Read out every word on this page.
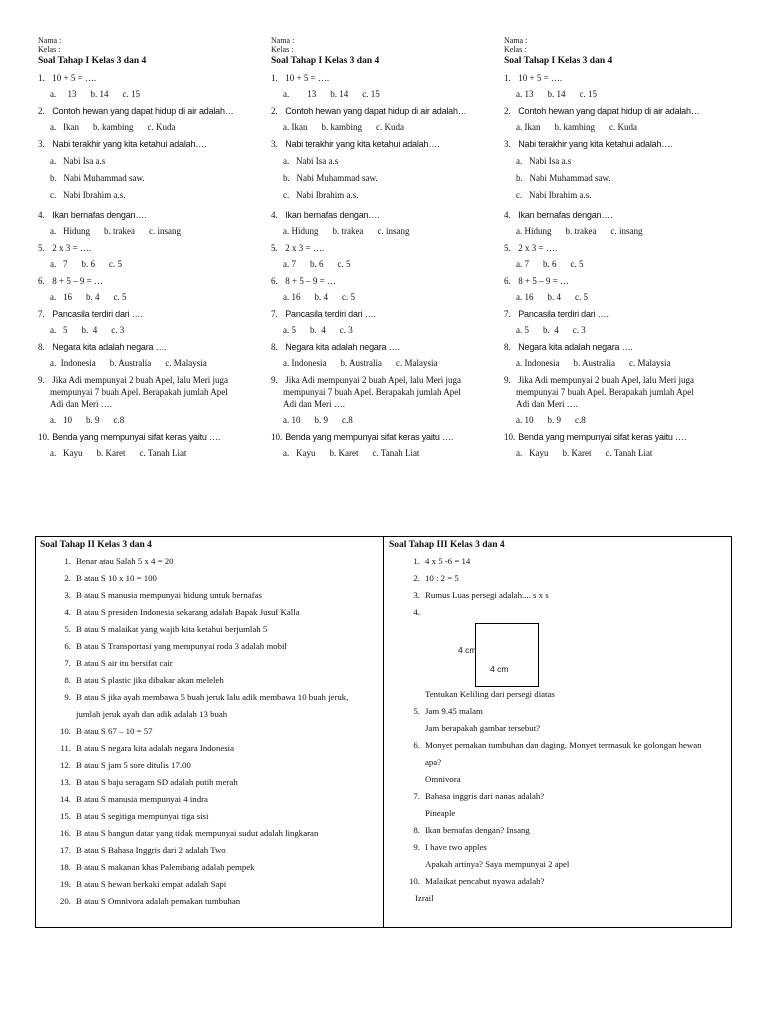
Nama :
Kelas :
Soal Tahap I Kelas 3 dan 4
1. 10 + 5 = ….
a.     13 b. 14 c. 15
2. Contoh hewan yang dapat hidup di air adalah…
a.   Ikan b. kambing c. Kuda
3. Nabi terakhir yang kita ketahui adalah….
a.   Nabi Isa a.s
b.   Nabi Muhammad saw.
c.   Nabi Ibrahim a.s.
4. Ikan bernafas dengan….
a.   Hidung b. trakea c. insang
5. 2 x 3 = ….
a.   7 b. 6 c. 5
6. 8 + 5 – 9 = …
a.   16 b. 4 c. 5
7. Pancasila terdiri dari ….
a.   5 b.  4 c. 3
8. Negara kita adalah negara ….
a.  Indonesia b. Australia c. Malaysia
9. Jika Adi mempunyai 2 buah Apel, lalu Meri juga
mempunyai 7 buah Apel. Berapakah jumlah Apel
Adi dan Meri ….
a.   10 b. 9 c.8
10. Benda yang mempunyai sifat keras yaitu ….
a.   Kayu b. Karet c. Tanah Liat
Nama :
Kelas :
Soal Tahap I Kelas 3 dan 4
1. 10 + 5 = ….
a.        13 b. 14 c. 15
2. Contoh hewan yang dapat hidup di air adalah…
a. Ikan b. kambing c. Kuda
3. Nabi terakhir yang kita ketahui adalah….
a.   Nabi Isa a.s
b.   Nabi Muhammad saw.
c.   Nabi Ibrahim a.s.
4. Ikan bernafas dengan….
a. Hidung b. trakea c. insang
5. 2 x 3 = ….
a. 7 b. 6 c. 5
6. 8 + 5 – 9 = …
a. 16 b. 4 c. 5
7. Pancasila terdiri dari ….
a. 5 b.  4 c. 3
8. Negara kita adalah negara ….
a. Indonesia b. Australia c. Malaysia
9. Jika Adi mempunyai 2 buah Apel, lalu Meri juga
mempunyai 7 buah Apel. Berapakah jumlah Apel
Adi dan Meri ….
a. 10 b. 9 c.8
10. Benda yang mempunyai sifat keras yaitu ….
a.   Kayu b. Karet c. Tanah Liat
Nama :
Kelas :
Soal Tahap I Kelas 3 dan 4
1. 10 + 5 = ….
a. 13 b. 14 c. 15
2. Contoh hewan yang dapat hidup di air adalah…
a. Ikan b. kambing c. Kuda
3. Nabi terakhir yang kita ketahui adalah….
a.   Nabi Isa a.s
b.   Nabi Muhammad saw.
c.   Nabi Ibrahim a.s.
4. Ikan bernafas dengan….
a. Hidung b. trakea c. insang
5. 2 x 3 = ….
a. 7 b. 6 c. 5
6. 8 + 5 – 9 = …
a. 16 b. 4 c. 5
7. Pancasila terdiri dari ….
a. 5 b.  4 c. 3
8. Negara kita adalah negara ….
a. Indonesia b. Australia c. Malaysia
9. Jika Adi mempunyai 2 buah Apel, lalu Meri juga
mempunyai 7 buah Apel. Berapakah jumlah Apel
Adi dan Meri ….
a. 10 b. 9 c.8
10. Benda yang mempunyai sifat keras yaitu ….
a.   Kayu b. Karet c. Tanah Liat
Soal Tahap II Kelas 3 dan 4
1. Benar atau Salah 5 x 4 = 20
2. B atau S 10 x 10 = 100
3. B atau S manusia mempunyai hidung untuk bernafas
4. B atau S presiden Indonesia sekarang adalah Bapak Jusuf Kalla
5. B atau S malaikat yang wajib kita ketahui berjumlah 5
6. B atau S Transportasi yang mempunyai roda 3 adalah mobil
7. B atau S air itu bersifat cair
8. B atau S plastic jika dibakar akan meleleh
9. B atau S jika ayah membawa 5 buah jeruk lalu adik membawa 10 buah jeruk,
jumlah jeruk ayah dan adik adalah 13 buah
10. B atau S 67 – 10 = 57
11. B atau S negara kita adalah negara Indonesia
12. B atau S jam 5 sore ditulis 17.00
13. B atau S baju seragam SD adalah putih merah
14. B atau S manusia mempunyai 4 indra
15. B atau S segitiga mempunyai tiga sisi
16. B atau S bangun datar yang tidak mempunyai sudut adalah lingkaran
17. B atau S Bahasa Inggris dari 2 adalah Two
18. B atau S makanan khas Palembang adalah pempek
19. B atau S hewan berkaki empat adalah Sapi
20. B atau S Omnivora adalah pemakan tumbuhan
Soal Tahap III Kelas 3 dan 4
1. 4 x 5 -6 = 14
2. 10 : 2 = 5
3. Rumus Luas persegi adalah.... s x s
4.
4 cm
4 cm
Tentukan Keliling dari persegi diatas
5. Jam 9.45 malam
Jam berapakah gambar tersebut?
6. Monyet pemakan tumbuhan dan daging. Monyet termasuk ke golongan hewan
apa?
Omnivora
7. Bahasa inggris dari nanas adalah?
Pineaple
8. Ikan bernafas dengan? Insang
9. I have two apples
Apakah artinya? Saya mempunyai 2 apel
10. Malaikat pencabut nyawa adalah?
Izrail
